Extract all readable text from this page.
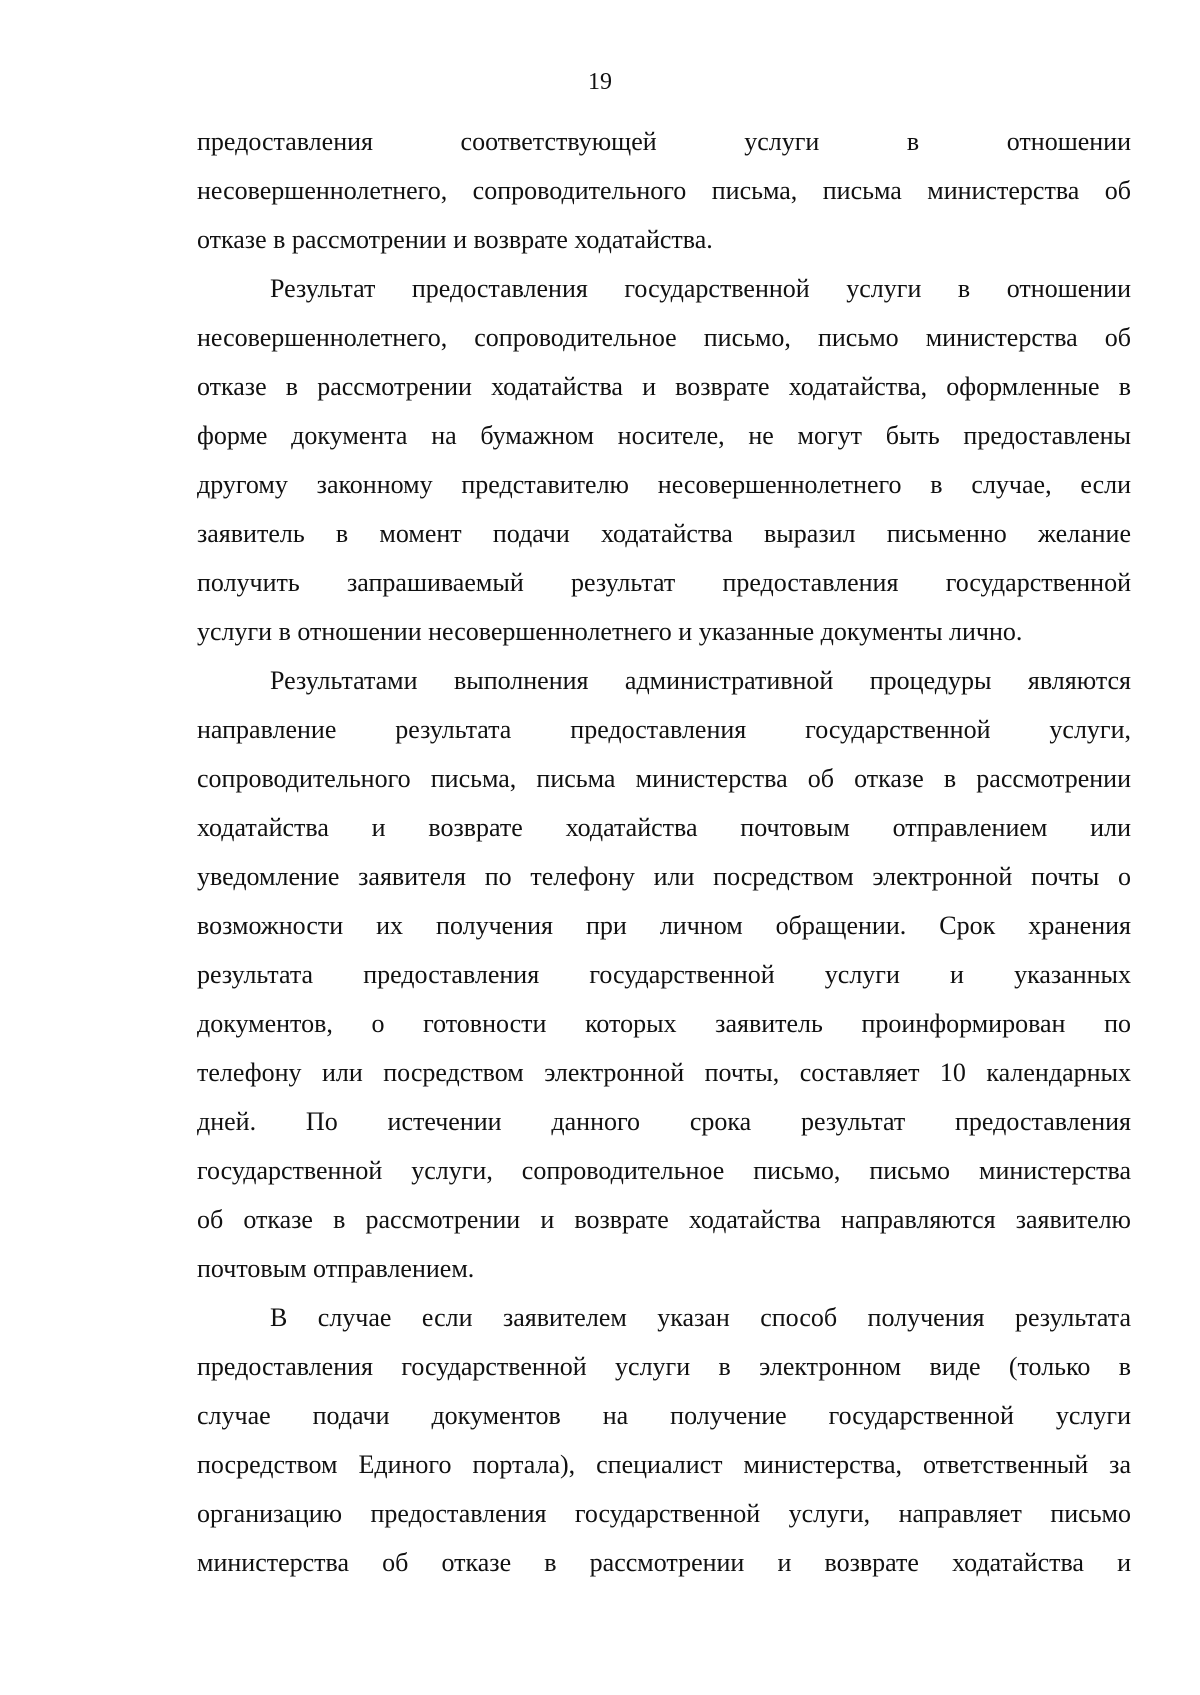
19
предоставления соответствующей услуги в отношении
несовершеннолетнего, сопроводительного письма, письма министерства об
отказе в рассмотрении и возврате ходатайства.
Результат предоставления государственной услуги в отношении
несовершеннолетнего, сопроводительное письмо, письмо министерства об
отказе в рассмотрении ходатайства и возврате ходатайства, оформленные в
форме документа на бумажном носителе, не могут быть предоставлены
другому законному представителю несовершеннолетнего в случае, если
заявитель в момент подачи ходатайства выразил письменно желание
получить запрашиваемый результат предоставления государственной
услуги в отношении несовершеннолетнего и указанные документы лично.
Результатами выполнения административной процедуры являются
направление результата предоставления государственной услуги,
сопроводительного письма, письма министерства об отказе в рассмотрении
ходатайства и возврате ходатайства почтовым отправлением или
уведомление заявителя по телефону или посредством электронной почты о
возможности их получения при личном обращении. Срок хранения
результата предоставления государственной услуги и указанных
документов, о готовности которых заявитель проинформирован по
телефону или посредством электронной почты, составляет 10 календарных
дней. По истечении данного срока результат предоставления
государственной услуги, сопроводительное письмо, письмо министерства
об отказе в рассмотрении и возврате ходатайства направляются заявителю
почтовым отправлением.
В случае если заявителем указан способ получения результата
предоставления государственной услуги в электронном виде (только в
случае подачи документов на получение государственной услуги
посредством Единого портала), специалист министерства, ответственный за
организацию предоставления государственной услуги, направляет письмо
министерства об отказе в рассмотрении и возврате ходатайства и
